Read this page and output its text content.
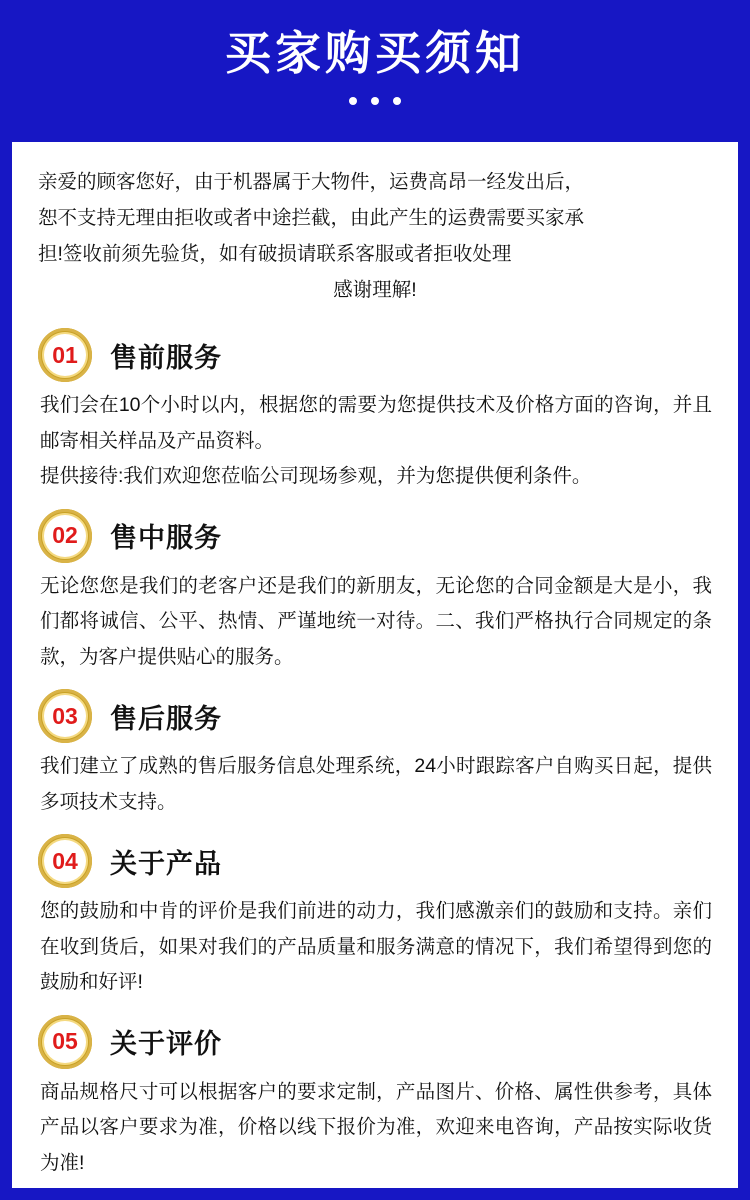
买家购买须知

亲爱的顾客您好，由于机器属于大物件，运费高昂一经发出后，

恕不支持无理由拒收或者中途拦截，由此产生的运费需要买家承

担!签收前须先验货，如有破损请联系客服或者拒收处理

感谢理解!

01 售前服务

我们会在10个小时以内，根据您的需要为您提供技术及价格方面的咨询，并且邮寄相关样品及产品资料。

提供接待:我们欢迎您莅临公司现场参观，并为您提供便利条件。

02 售中服务

无论您您是我们的老客户还是我们的新朋友，无论您的合同金额是大是小，我们都将诚信、公平、热情、严谨地统一对待。二、我们严格执行合同规定的条款，为客户提供贴心的服务。

03 售后服务

我们建立了成熟的售后服务信息处理系统，24小时跟踪客户自购买日起，提供多项技术支持。

04 关于产品

您的鼓励和中肯的评价是我们前进的动力，我们感激亲们的鼓励和支持。亲们在收到货后，如果对我们的产品质量和服务满意的情况下，我们希望得到您的鼓励和好评!

05 关于评价

商品规格尺寸可以根据客户的要求定制，产品图片、价格、属性供参考，具体产品以客户要求为准，价格以线下报价为准，欢迎来电咨询，产品按实际收货为准!
